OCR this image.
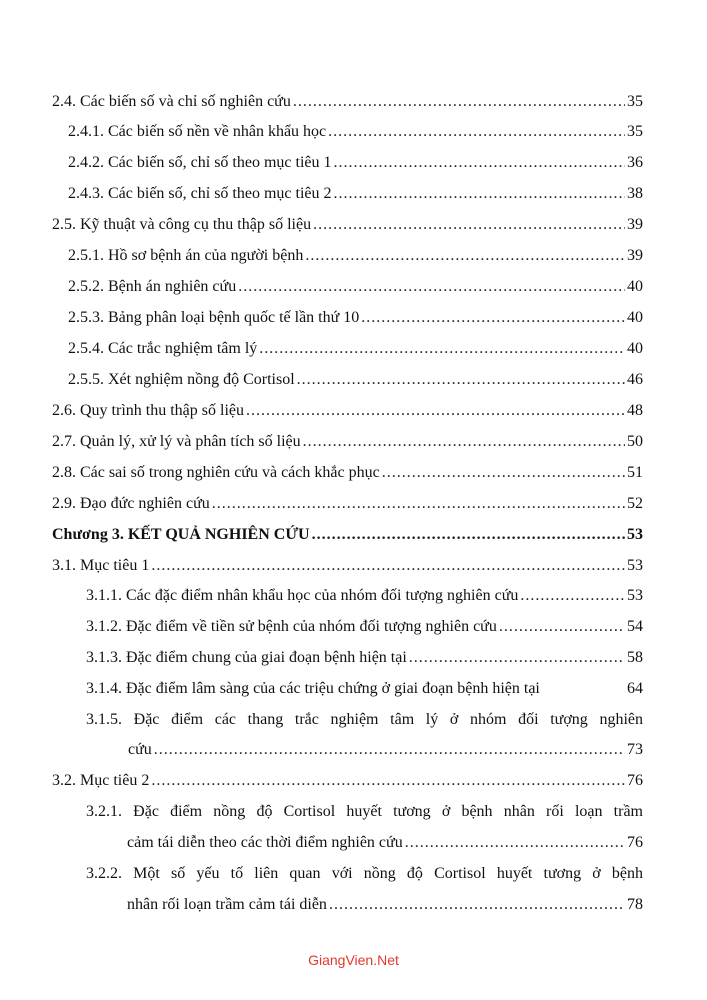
2.4. Các biến số và chỉ số nghiên cứu .....	35
2.4.1. Các biến số nền về nhân khẩu học .....	35
2.4.2. Các biến số, chỉ số theo mục tiêu 1 .....	36
2.4.3. Các biến số, chỉ số theo mục tiêu 2 .....	38
2.5. Kỹ thuật và công cụ thu thập số liệu .....	39
2.5.1. Hồ sơ bệnh án của người bệnh .....	39
2.5.2. Bệnh án nghiên cứu .....	40
2.5.3. Bảng phân loại bệnh quốc tế lần thứ 10 .....	40
2.5.4. Các trắc nghiệm tâm lý .....	40
2.5.5. Xét nghiệm nồng độ Cortisol .....	46
2.6. Quy trình thu thập số liệu .....	48
2.7. Quản lý, xử lý và phân tích số liệu .....	50
2.8. Các sai số trong nghiên cứu và cách khắc phục .....	51
2.9. Đạo đức nghiên cứu .....	52
Chương 3. KẾT QUẢ NGHIÊN CỨU .....	53
3.1. Mục tiêu 1 .....	53
3.1.1. Các đặc điểm nhân khẩu học của nhóm đối tượng nghiên cứu .....	53
3.1.2. Đặc điểm về tiền sử bệnh của nhóm đối tượng nghiên cứu .....	54
3.1.3. Đặc điểm chung của giai đoạn bệnh hiện tại .....	58
3.1.4. Đặc điểm lâm sàng của các triệu chứng ở giai đoạn bệnh hiện tại	64
3.1.5. Đặc điểm các thang trắc nghiệm tâm lý ở nhóm đối tượng nghiên
cứu .....	73
3.2. Mục tiêu 2 .....	76
3.2.1. Đặc điểm nồng độ Cortisol huyết tương ở bệnh nhân rối loạn trầm
cảm tái diễn theo các thời điểm nghiên cứu .....	76
3.2.2. Một số yếu tố liên quan với nồng độ Cortisol huyết tương ở bệnh
nhân rối loạn trầm cảm tái diễn .....	78
GiangVien.Net
